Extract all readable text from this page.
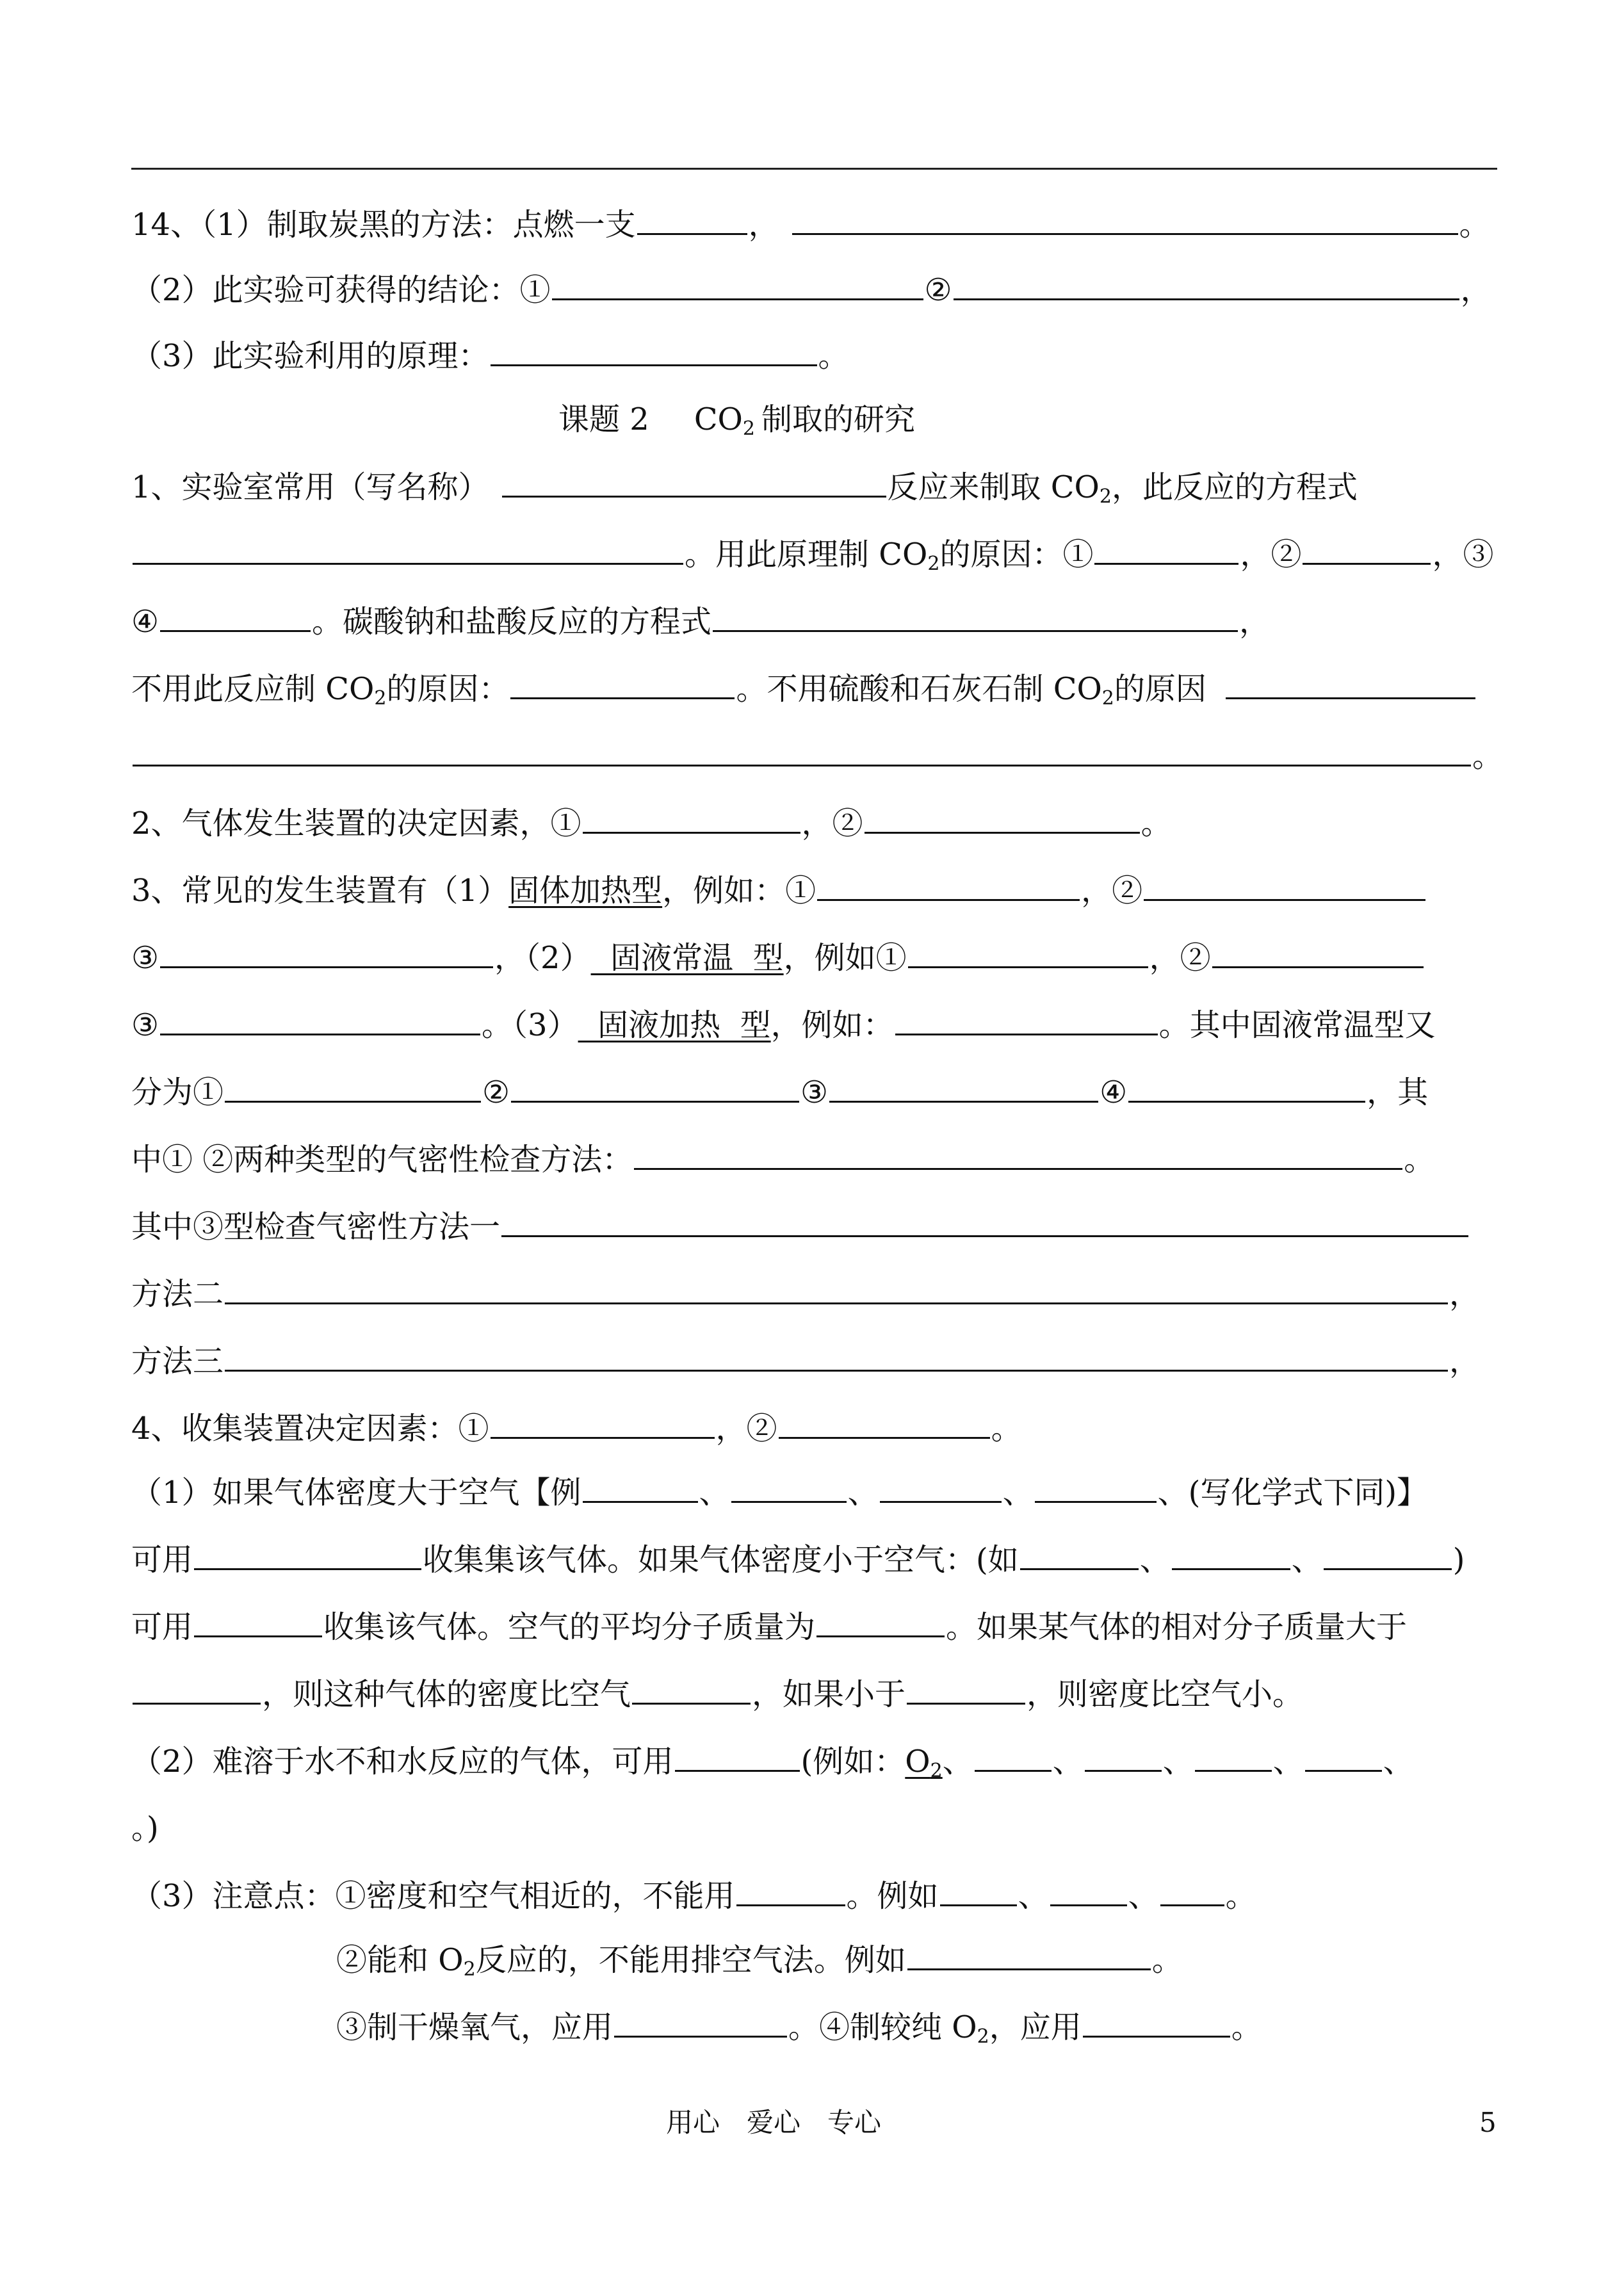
14、（1）制取炭黑的方法：点燃一支	，	。
（2）此实验可获得的结论：①	②	，
（3）此实验利用的原理：	。
课题 2 $CO_2$ 制取的研究
1、实验室常用（写名称）	反应来制取 $CO_2$，此反应的方程式
。用此原理制 $CO_2$的原因：①	，②	，③
④	。碳酸钠和盐酸反应的方程式	，
不用此反应制 $CO_2$的原因：	。不用硫酸和石灰石制 $CO_2$的原因
。
2、气体发生装置的决定因素，①	，②	。
3、常见的发生装置有（1）固体加热型，例如：①	，②
③	，（2）  固液常温  型，例如①	，②
③	。（3）  固液加热  型，例如：	。其中固液常温型又
分为①	②	③	④	，其
中① ②两种类型的气密性检查方法：	。
其中③型检查气密性方法一
方法二	，
方法三	，
4、收集装置决定因素：①	，②	。
（1）如果气体密度大于空气【例	、	、	、	、(写化学式下同)】
可用	收集集该气体。如果气体密度小于空气：(如	、	、	)
可用	收集该气体。空气的平均分子质量为	。如果某气体的相对分子质量大于
，则这种气体的密度比空气	，如果小于	，则密度比空气小。
（2）难溶于水不和水反应的气体，可用	(例如：$O_2$、	、	、	、	、
。)
（3）注意点：①密度和空气相近的，不能用	。例如	、	、 。
②能和 $O_2$反应的，不能用排空气法。例如	。
③制干燥氧气，应用	。④制较纯 $O_2$，应用	。
用心　爱心　专心	5
